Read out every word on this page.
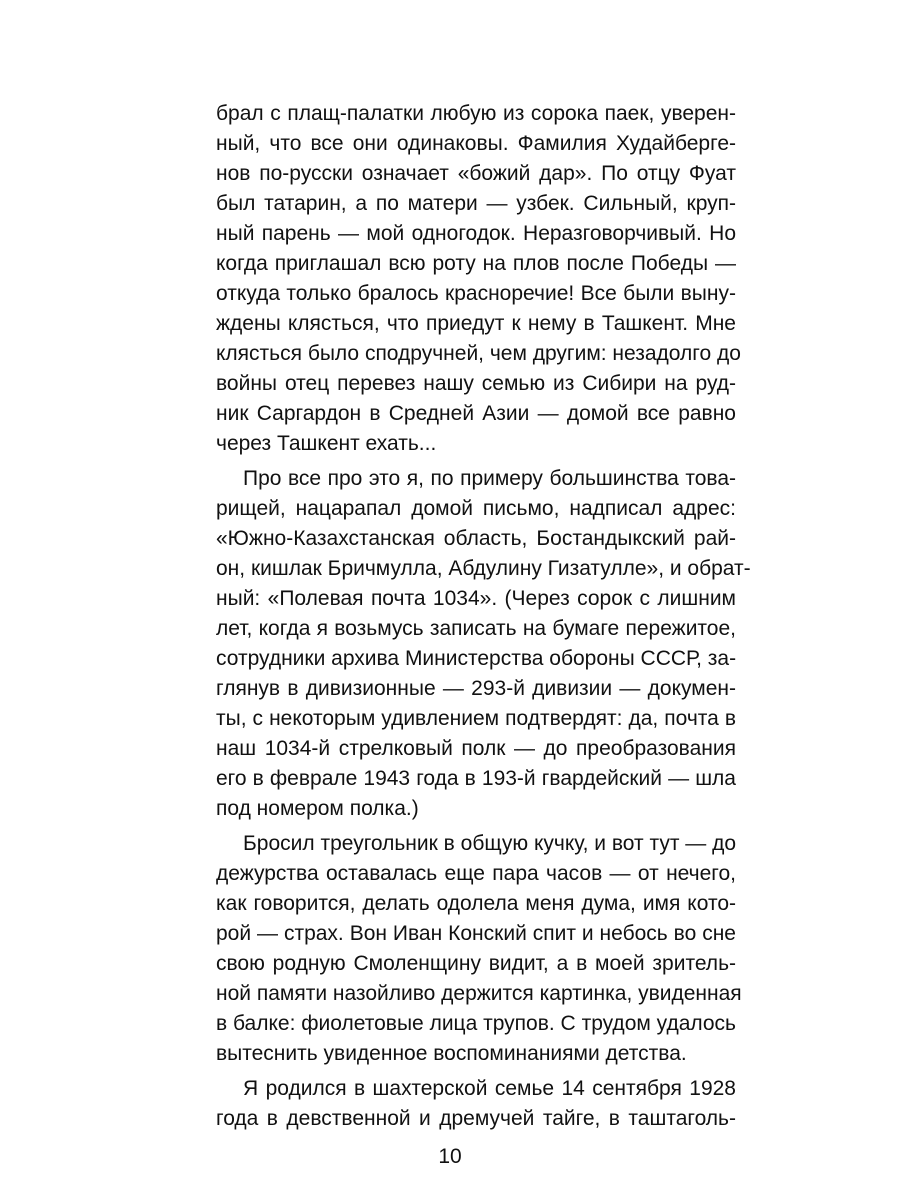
брал с плащ-палатки любую из сорока паек, уверен-
ный, что все они одинаковы. Фамилия Худайберге-
нов по-русски означает «божий дар». По отцу Фуат
был татарин, а по матери — узбек. Сильный, круп-
ный парень — мой одногодок. Неразговорчивый. Но
когда приглашал всю роту на плов после Победы —
откуда только бралось красноречие! Все были выну-
ждены клясться, что приедут к нему в Ташкент. Мне
клясться было сподручней, чем другим: незадолго до
войны отец перевез нашу семью из Сибири на руд-
ник Саргардон в Средней Азии — домой все равно
через Ташкент ехать...
Про все про это я, по примеру большинства това-
рищей, нацарапал домой письмо, надписал адрес:
«Южно-Казахстанская область, Бостандыкский рай-
он, кишлак Бричмулла, Абдулину Гизатулле», и обрат-
ный: «Полевая почта 1034». (Через сорок с лишним
лет, когда я возьмусь записать на бумаге пережитое,
сотрудники архива Министерства обороны СССР, за-
глянув в дивизионные — 293-й дивизии — докумен-
ты, с некоторым удивлением подтвердят: да, почта в
наш 1034-й стрелковый полк — до преобразования
его в феврале 1943 года в 193-й гвардейский — шла
под номером полка.)
Бросил треугольник в общую кучку, и вот тут — до
дежурства оставалась еще пара часов — от нечего,
как говорится, делать одолела меня дума, имя кото-
рой — страх. Вон Иван Конский спит и небось во сне
свою родную Смоленщину видит, а в моей зритель-
ной памяти назойливо держится картинка, увиденная
в балке: фиолетовые лица трупов. С трудом удалось
вытеснить увиденное воспоминаниями детства.
Я родился в шахтерской семье 14 сентября 1928
года в девственной и дремучей тайге, в таштаголь-
10
